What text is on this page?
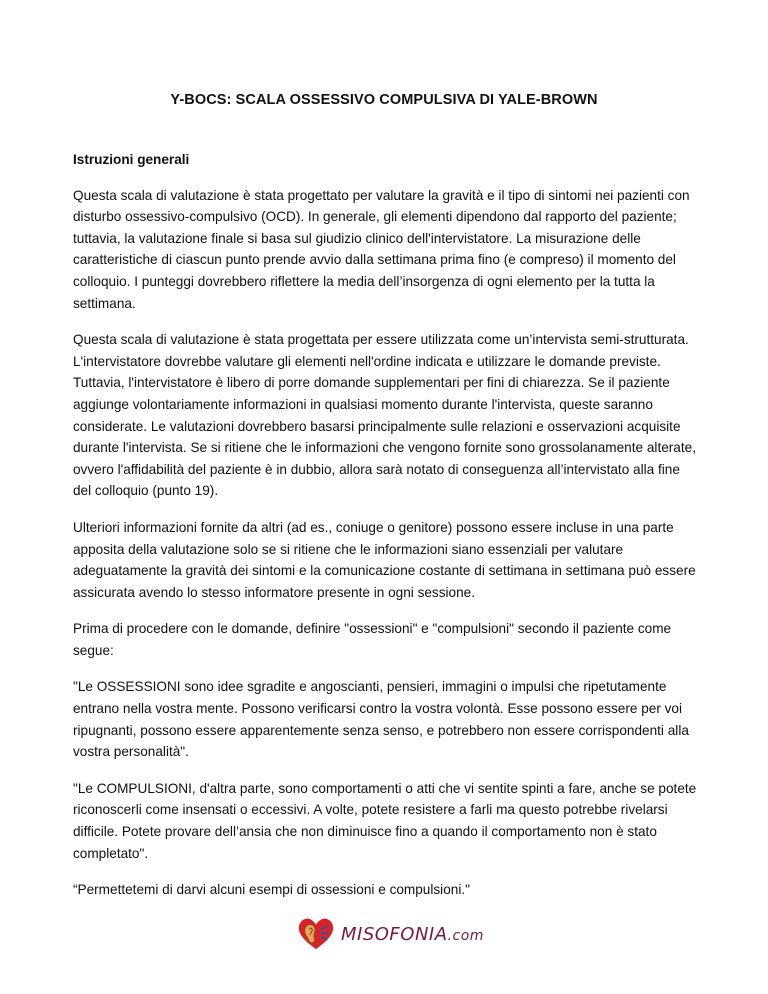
Y-BOCS: SCALA OSSESSIVO COMPULSIVA DI YALE-BROWN
Istruzioni generali

Questa scala di valutazione è stata progettato per valutare la gravità e il tipo di sintomi nei pazienti con disturbo ossessivo-compulsivo (OCD). In generale, gli elementi dipendono dal rapporto del paziente; tuttavia, la valutazione finale si basa sul giudizio clinico dell'intervistatore. La misurazione delle caratteristiche di ciascun punto prende avvio dalla settimana prima fino (e compreso) il momento del colloquio. I punteggi dovrebbero riflettere la media dell’insorgenza di ogni elemento per la tutta la settimana.

Questa scala di valutazione è stata progettata per essere utilizzata come un’intervista semi-strutturata. L'intervistatore dovrebbe valutare gli elementi nell'ordine indicata e utilizzare le domande previste. Tuttavia, l'intervistatore è libero di porre domande supplementari per fini di chiarezza. Se il paziente aggiunge volontariamente informazioni in qualsiasi momento durante l'intervista, queste saranno considerate. Le valutazioni dovrebbero basarsi principalmente sulle relazioni e osservazioni acquisite durante l'intervista. Se si ritiene che le informazioni che vengono fornite sono grossolanamente alterate, ovvero l'affidabilità del paziente è in dubbio, allora sarà notato di conseguenza all’intervistato alla fine del colloquio (punto 19).

Ulteriori informazioni fornite da altri (ad es., coniuge o genitore) possono essere incluse in una parte apposita della valutazione solo se si ritiene che le informazioni siano essenziali per valutare adeguatamente la gravità dei sintomi e la comunicazione costante di settimana in settimana può essere assicurata avendo lo stesso informatore presente in ogni sessione.

Prima di procedere con le domande, definire "ossessioni" e "compulsioni" secondo il paziente come segue:

"Le OSSESSIONI sono idee sgradite e angoscianti, pensieri, immagini o impulsi che ripetutamente entrano nella vostra mente. Possono verificarsi contro la vostra volontà. Esse possono essere per voi ripugnanti, possono essere apparentemente senza senso, e potrebbero non essere corrispondenti alla vostra personalità".

"Le COMPULSIONI, d'altra parte, sono comportamenti o atti che vi sentite spinti a fare, anche se potete riconoscerli come insensati o eccessivi. A volte, potete resistere a farli ma questo potrebbe rivelarsi difficile. Potete provare dell’ansia che non diminuisce fino a quando il comportamento non è stato completato".

“Permettetemi di darvi alcuni esempi di ossessioni e compulsioni."

MISOFONIA.com
